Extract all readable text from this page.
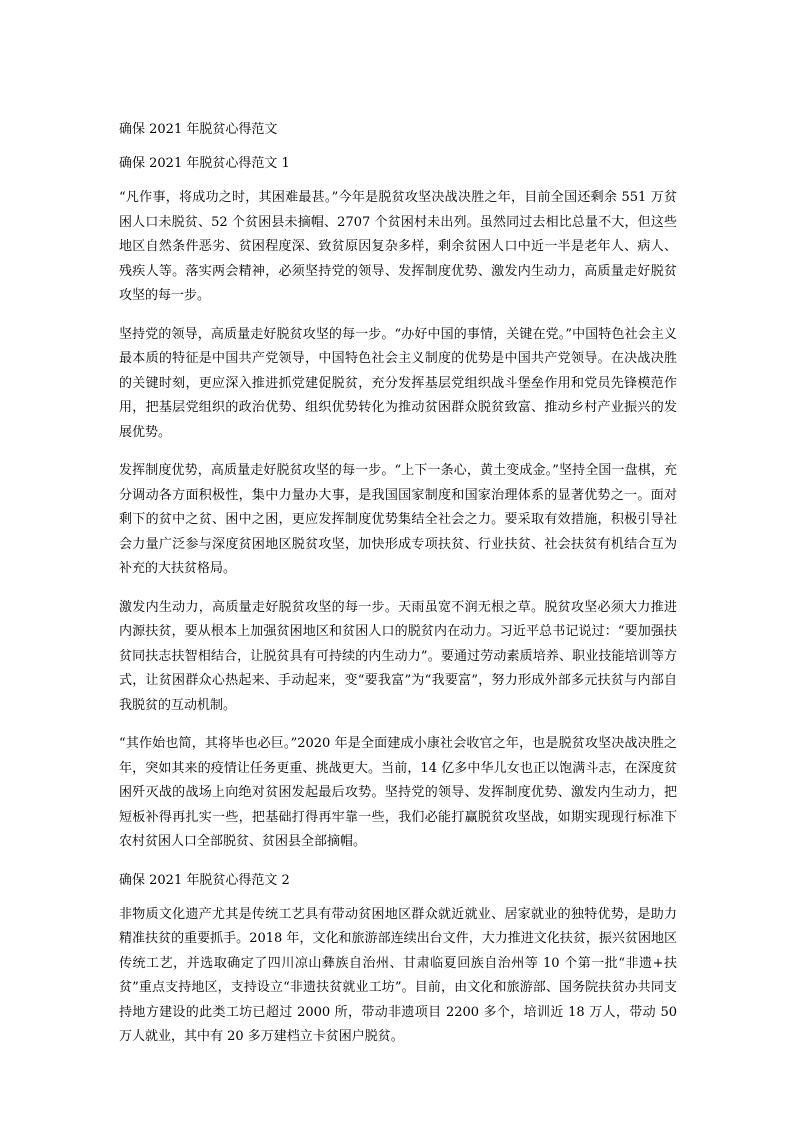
确保 2021 年脱贫心得范文
确保 2021 年脱贫心得范文 1

“凡作事，将成功之时，其困难最甚。”今年是脱贫攻坚决战决胜之年，目前全国还剩余 551 万贫困人口未脱贫、52 个贫困县未摘帽、2707 个贫困村未出列。虽然同过去相比总量不大，但这些地区自然条件恶劣、贫困程度深、致贫原因复杂多样，剩余贫困人口中近一半是老年人、病人、残疾人等。落实两会精神，必须坚持党的领导、发挥制度优势、激发内生动力，高质量走好脱贫攻坚的每一步。

坚持党的领导，高质量走好脱贫攻坚的每一步。“办好中国的事情，关键在党。”中国特色社会主义最本质的特征是中国共产党领导，中国特色社会主义制度的优势是中国共产党领导。在决战决胜的关键时刻，更应深入推进抓党建促脱贫，充分发挥基层党组织战斗堡垒作用和党员先锋模范作用，把基层党组织的政治优势、组织优势转化为推动贫困群众脱贫致富、推动乡村产业振兴的发展优势。

发挥制度优势，高质量走好脱贫攻坚的每一步。“上下一条心，黄土变成金。”坚持全国一盘棋，充分调动各方面积极性，集中力量办大事，是我国国家制度和国家治理体系的显著优势之一。面对剩下的贫中之贫、困中之困，更应发挥制度优势集结全社会之力。要采取有效措施，积极引导社会力量广泛参与深度贫困地区脱贫攻坚，加快形成专项扶贫、行业扶贫、社会扶贫有机结合互为补充的大扶贫格局。

激发内生动力，高质量走好脱贫攻坚的每一步。天雨虽宽不润无根之草。脱贫攻坚必须大力推进内源扶贫，要从根本上加强贫困地区和贫困人口的脱贫内在动力。习近平总书记说过：“要加强扶贫同扶志扶智相结合，让脱贫具有可持续的内生动力”。要通过劳动素质培养、职业技能培训等方式，让贫困群众心热起来、手动起来，变“要我富”为“我要富”，努力形成外部多元扶贫与内部自我脱贫的互动机制。

“其作始也简，其将毕也必巨。”2020 年是全面建成小康社会收官之年，也是脱贫攻坚决战决胜之年，突如其来的疫情让任务更重、挑战更大。当前，14 亿多中华儿女也正以饱满斗志，在深度贫困歼灭战的战场上向绝对贫困发起最后攻势。坚持党的领导、发挥制度优势、激发内生动力，把短板补得再扎实一些，把基础打得再牢靠一些，我们必能打赢脱贫攻坚战，如期实现现行标准下农村贫困人口全部脱贫、贫困县全部摘帽。

确保 2021 年脱贫心得范文 2

非物质文化遗产尤其是传统工艺具有带动贫困地区群众就近就业、居家就业的独特优势，是助力精准扶贫的重要抓手。2018 年，文化和旅游部连续出台文件，大力推进文化扶贫，振兴贫困地区传统工艺，并选取确定了四川凉山彝族自治州、甘肃临夏回族自治州等 10 个第一批“非遗+扶贫”重点支持地区，支持设立“非遗扶贫就业工坊”。目前，由文化和旅游部、国务院扶贫办共同支持地方建设的此类工坊已超过 2000 所，带动非遗项目 2200 多个，培训近 18 万人，带动 50 万人就业，其中有 20 多万建档立卡贫困户脱贫。
